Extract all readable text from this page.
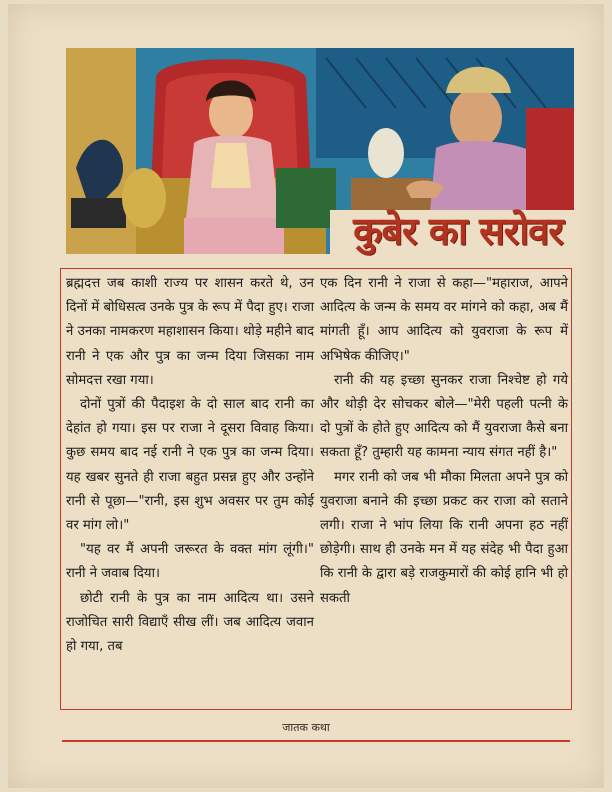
कुबेर का सरोवर

ब्रह्मदत्त जब काशी राज्य पर शासन करते थे, उन दिनों में बोधिसत्व उनके पुत्र के रूप में पैदा हुए। राजा ने उनका नामकरण महाशासन किया। थोड़े महीने बाद रानी ने एक और पुत्र का जन्म दिया जिसका नाम सोमदत्त रखा गया।

दोनों पुत्रों की पैदाइश के दो साल बाद रानी का देहांत हो गया। इस पर राजा ने दूसरा विवाह किया। कुछ समय बाद नई रानी ने एक पुत्र का जन्म दिया। यह खबर सुनते ही राजा बहुत प्रसन्न हुए और उन्होंने रानी से पूछा—"रानी, इस शुभ अवसर पर तुम कोई वर मांग लो।"

"यह वर मैं अपनी जरूरत के वक्त मांग लूंगी।" रानी ने जवाब दिया।

छोटी रानी के पुत्र का नाम आदित्य था। उसने राजोचित सारी विद्याएँ सीख लीं। जब आदित्य जवान हो गया, तब

एक दिन रानी ने राजा से कहा—"महाराज, आपने आदित्य के जन्म के समय वर मांगने को कहा, अब मैं मांगती हूँ। आप आदित्य को युवराजा के रूप में अभिषेक कीजिए।"

रानी की यह इच्छा सुनकर राजा निश्चेष्ट हो गये और थोड़ी देर सोचकर बोले—"मेरी पहली पत्नी के दो पुत्रों के होते हुए आदित्य को मैं युवराजा कैसे बना सकता हूँ? तुम्हारी यह कामना न्याय संगत नहीं है।"

मगर रानी को जब भी मौका मिलता अपने पुत्र को युवराजा बनाने की इच्छा प्रकट कर राजा को सताने लगी। राजा ने भांप लिया कि रानी अपना हठ नहीं छोड़ेगी। साथ ही उनके मन में यह संदेह भी पैदा हुआ कि रानी के द्वारा बड़े राजकुमारों की कोई हानि भी हो सकती

जातक कथा
